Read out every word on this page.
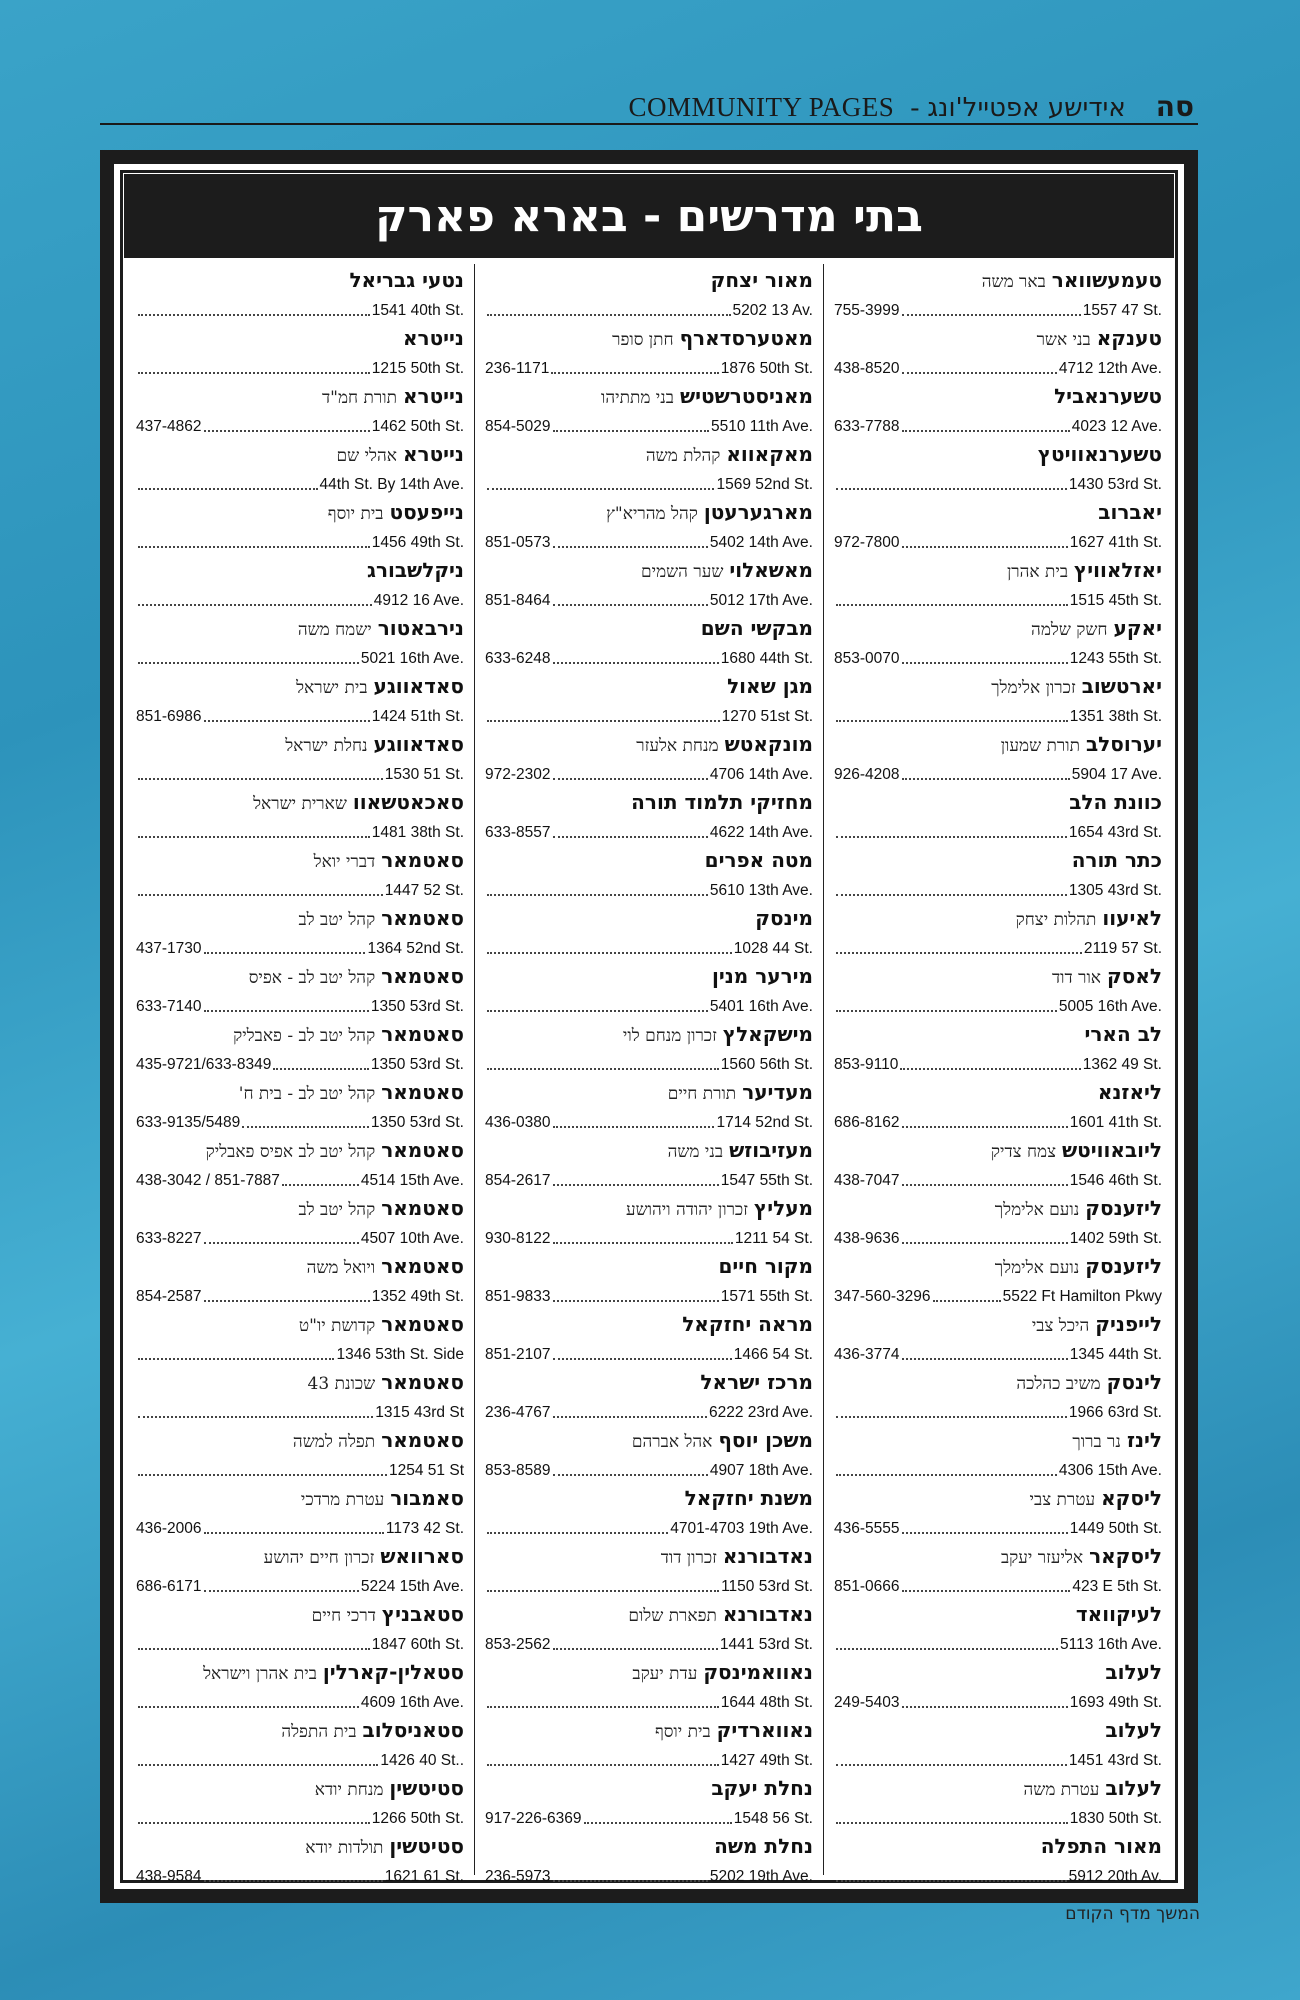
COMMUNITY PAGES - אידישע אפטייל'ונג סה
בתי מדרשים - בארא פארק
טעמעשווארבאר משה
755-3999	1557 47 St.
טענקאבני אשר
438-8520	4712 12th Ave.
טשערנאביל
633-7788	4023 12 Ave.
טשערנאוויטץ
1430 53rd St.
יאברוב
972-7800	1627 41th St.
יאזלאוויץבית אהרן
1515 45th St.
יאקעחשק שלמה
853-0070	1243 55th St.
יארטשובזכרון אלימלך
1351 38th St.
יערוסלבתורת שמעון
926-4208	5904 17 Ave.
כוונת הלב
1654 43rd St.
כתר תורה
1305 43rd St.
לאיעוותהלות יצחק
2119 57 St.
לאסקאור דוד
5005 16th Ave.
לב הארי
853-9110	1362 49 St.
ליאזנא
686-8162	1601 41th St.
ליובאוויטשצמח צדיק
438-7047	1546 46th St.
ליזענסקנועם אלימלך
438-9636	1402 59th St.
ליזענסקנועם אלימלך
347-560-3296	5522 Ft Hamilton Pkwy
לייפניקהיכל צבי
436-3774	1345 44th St.
לינסקמשיב כהלכה
1966 63rd St.
לינזנר ברוך
4306 15th Ave.
ליסקאעטרת צבי
436-5555	1449 50th St.
ליסקאראליעזר יעקב
851-0666	423 E 5th St.
לעיקוואד
5113 16th Ave.
לעלוב
249-5403	1693 49th St.
לעלוב
1451 43rd St.
לעלובעטרת משה
1830 50th St.
מאור התפלה
5912 20th Av.
מאור יצחק
5202 13 Av.
מאטערסדארףחתן סופר
236-1171	1876 50th St.
מאניסטרשטישבני מתתיהו
854-5029	5510 11th Ave.
מאקאוואקהלת משה
1569 52nd St.
מארגערעטןקהל מהריא"ץ
851-0573	5402 14th Ave.
מאשאלוישער השמים
851-8464	5012 17th Ave.
מבקשי השם
633-6248	1680 44th St.
מגן שאול
1270 51st St.
מונקאטשמנחת אלעזר
972-2302	4706 14th Ave.
מחזיקי תלמוד תורה
633-8557	4622 14th Ave.
מטה אפרים
5610 13th Ave.
מינסק
1028 44 St.
מירער מנין
5401 16th Ave.
מישקאלץזכרון מנחם לוי
1560 56th St.
מעדיערתורת חיים
436-0380	1714 52nd St.
מעזיבוזשבני משה
854-2617	1547 55th St.
מעליץזכרון יהודה ויהושע
930-8122	1211 54 St.
מקור חיים
851-9833	1571 55th St.
מראה יחזקאל
851-2107	1466 54 St.
מרכז ישראל
236-4767	6222 23rd Ave.
משכן יוסףאהל אברהם
853-8589	4907 18th Ave.
משנת יחזקאל
4701-4703 19th Ave.
נאדבורנאזכרון דוד
1150 53rd St.
נאדבורנאתפארת שלום
853-2562	1441 53rd St.
נאוואמינסקעדת יעקב
1644 48th St.
נאווארדיקבית יוסף
1427 49th St.
נחלת יעקב
917-226-6369	1548 56 St.
נחלת משה
236-5973	5202 19th Ave.
נטעי גבריאל
1541 40th St.
נייטרא
1215 50th St.
נייטראתורת חמ"ד
437-4862	1462 50th St.
נייטראאהלי שם
44th St. By 14th Ave.
נייפעסטבית יוסף
1456 49th St.
ניקלשבורג
4912 16 Ave.
נירבאטורישמח משה
5021 16th Ave.
סאדאווגעבית ישראל
851-6986	1424 51th St.
סאדאווגענחלת ישראל
1530 51 St.
סאכאטשאוושארית ישראל
1481 38th St.
סאטמארדברי יואל
1447 52 St.
סאטמארקהל יטב לב
437-1730	1364 52nd St.
סאטמארקהל יטב לב - אפיס
633-7140	1350 53rd St.
סאטמארקהל יטב לב - פאבליק
435-9721/633-8349	1350 53rd St.
סאטמארקהל יטב לב - בית ח'
633-9135/5489	1350 53rd St.
סאטמארקהל יטב לב אפיס פאבליק
438-3042 / 851-7887	4514 15th Ave.
סאטמארקהל יטב לב
633-8227	4507 10th Ave.
סאטמארויואל משה
854-2587	1352 49th St.
סאטמארקדושת יו"ט
1346 53th St. Side
סאטמארשכונת 43
1315 43rd St
סאטמארתפלה למשה
1254 51 St
סאמבורעטרת מרדכי
436-2006	1173 42 St.
סארוואשזכרון חיים יהושע
686-6171	5224 15th Ave.
סטאבניץדרכי חיים
1847 60th St.
סטאלין-קארליןבית אהרן וישראל
4609 16th Ave.
סטאניסלובבית התפלה
1426 40 St..
סטיטשיןמנחת יודא
1266 50th St.
סטיטשיןתולדות יודא
438-9584	1621 61 St.
המשך מדף הקודם
